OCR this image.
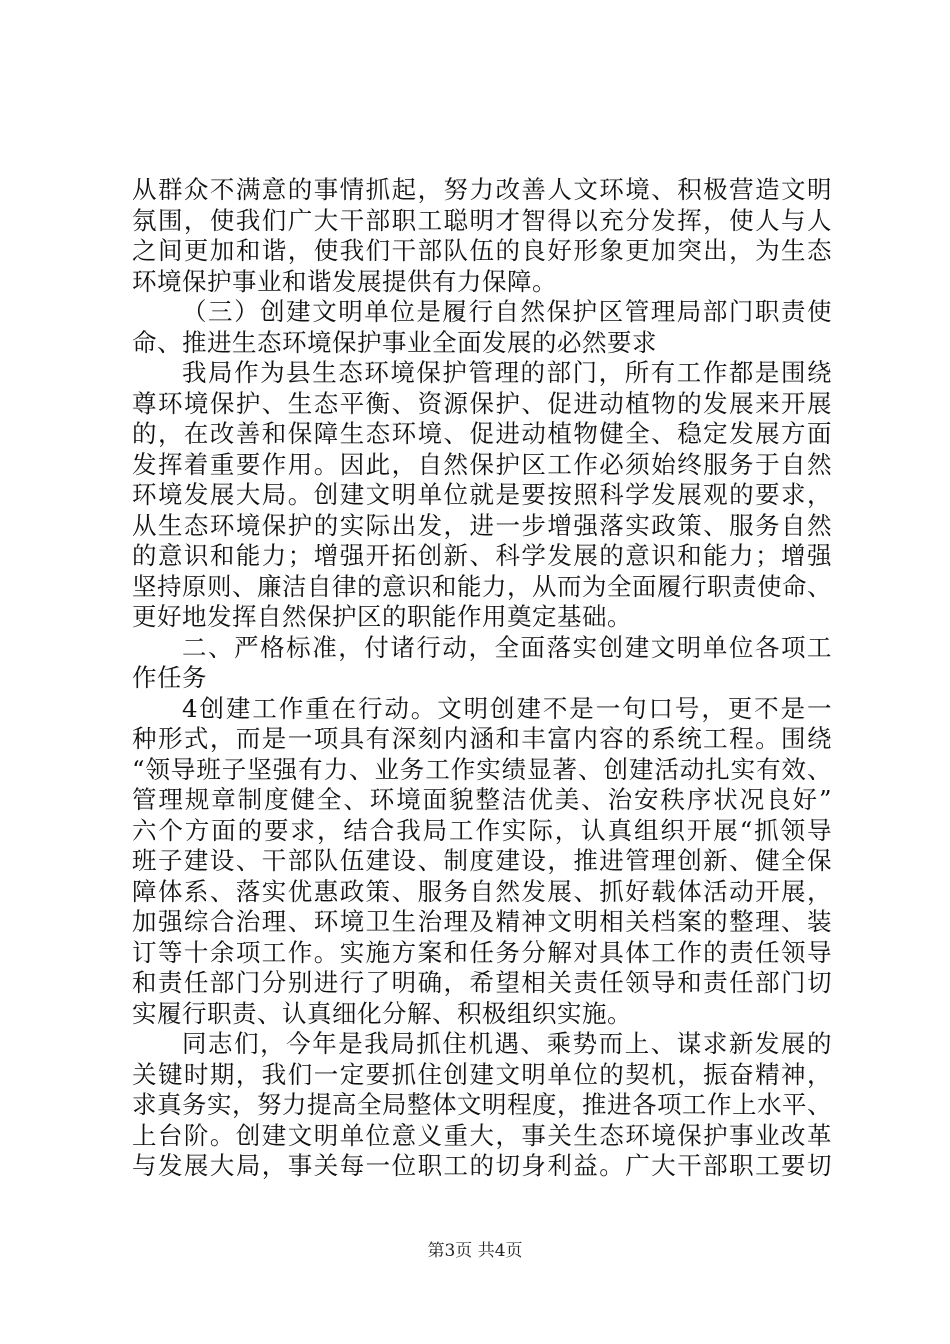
从群众不满意的事情抓起，努力改善人文环境、积极营造文明
氛围，使我们广大干部职工聪明才智得以充分发挥，使人与人
之间更加和谐，使我们干部队伍的良好形象更加突出，为生态
环境保护事业和谐发展提供有力保障。
（三）创建文明单位是履行自然保护区管理局部门职责使
命、推进生态环境保护事业全面发展的必然要求
我局作为县生态环境保护管理的部门，所有工作都是围绕
尊环境保护、生态平衡、资源保护、促进动植物的发展来开展
的，在改善和保障生态环境、促进动植物健全、稳定发展方面
发挥着重要作用。因此，自然保护区工作必须始终服务于自然
环境发展大局。创建文明单位就是要按照科学发展观的要求，
从生态环境保护的实际出发，进一步增强落实政策、服务自然
的意识和能力；增强开拓创新、科学发展的意识和能力；增强
坚持原则、廉洁自律的意识和能力，从而为全面履行职责使命、
更好地发挥自然保护区的职能作用奠定基础。
二、严格标准，付诸行动，全面落实创建文明单位各项工
作任务
4创建工作重在行动。文明创建不是一句口号，更不是一
种形式，而是一项具有深刻内涵和丰富内容的系统工程。围绕
“领导班子坚强有力、业务工作实绩显著、创建活动扎实有效、
管理规章制度健全、环境面貌整洁优美、治安秩序状况良好”
六个方面的要求，结合我局工作实际，认真组织开展“抓领导
班子建设、干部队伍建设、制度建设，推进管理创新、健全保
障体系、落实优惠政策、服务自然发展、抓好载体活动开展，
加强综合治理、环境卫生治理及精神文明相关档案的整理、装
订等十余项工作。实施方案和任务分解对具体工作的责任领导
和责任部门分别进行了明确，希望相关责任领导和责任部门切
实履行职责、认真细化分解、积极组织实施。
同志们，今年是我局抓住机遇、乘势而上、谋求新发展的
关键时期，我们一定要抓住创建文明单位的契机，振奋精神，
求真务实，努力提高全局整体文明程度，推进各项工作上水平、
上台阶。创建文明单位意义重大，事关生态环境保护事业改革
与发展大局，事关每一位职工的切身利益。广大干部职工要切
第3页 共4页
